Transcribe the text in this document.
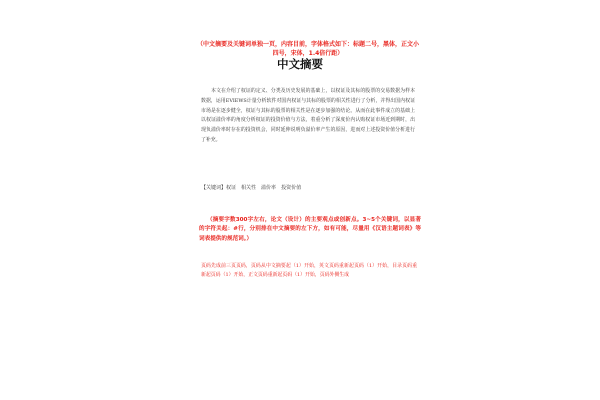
（中文摘要及关键词单独一页，内容目前，字体格式如下：标题二号，黑体，正文小四号，宋体，1.4倍行距）
中文摘要
本文在介绍了权证的定义、分类及历史发展的基础上，以权证及其标的股票的交易数据为样本数据，运用EVIEWS计量分析软件对国内权证与其标的股票的相关性进行了分析，并得出国内权证市场是在逐步健全，权证与其标的股票的相关性是在逐步加强的结论。从而在此事件成立的基础上以权证溢价率的角度分析权证的投资价值与方法，着重分析了深度价内认购权证市场近到期时，出现负溢价率时存在的投资机会，同时延伸说明负溢价率产生的原因，进而对上述投资价值分析进行了补充。
【关键词】权证 相关性 溢价率 投资价值
（摘要字数300字左右，论文（设计）的主要观点或创新点。3~5个关键词，以显著的字符关起：#行，分别排在中文摘要的左下方，如有可能，尽量用《汉语主题词表》等词表提供的规范词。）
页码先成前三页页码，页码从中文摘要起（1）开始，英文页码重新起页码（1）开始，目录页码重新起页码（1）开始，正文页码重新起页码（1）开始，页码外侧生成
